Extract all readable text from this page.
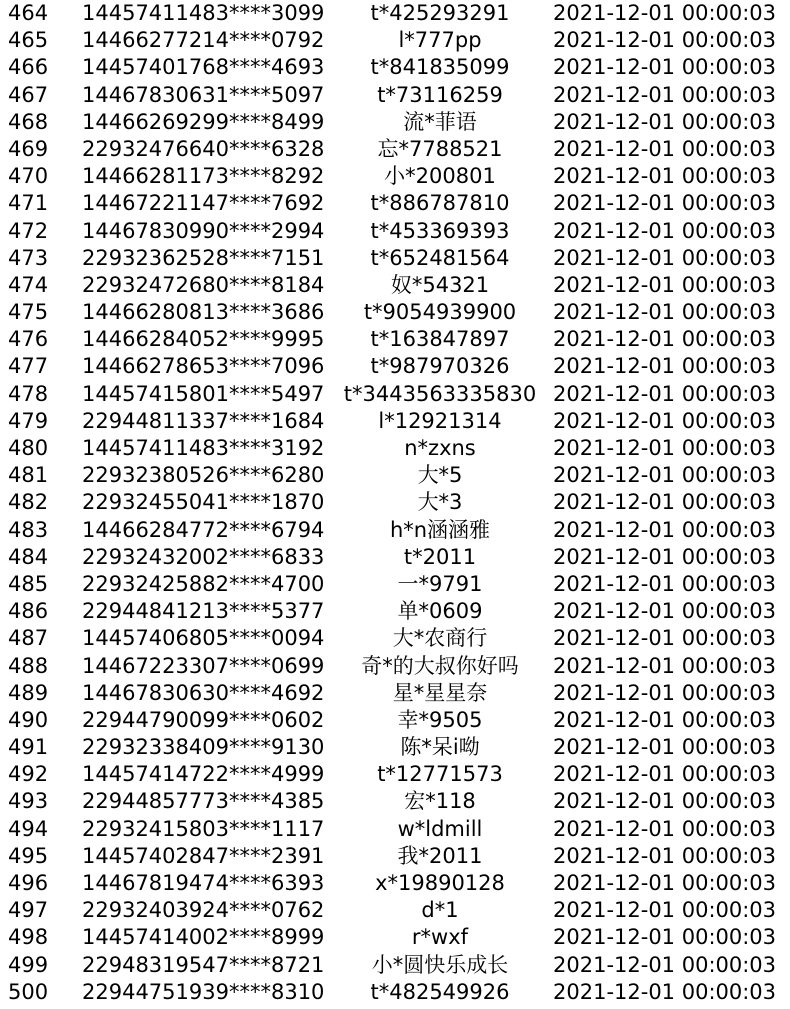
464	14457411483****3099	t*425293291	2021-12-01 00:00:03
465	14466277214****0792	l*777pp	2021-12-01 00:00:03
466	14457401768****4693	t*841835099	2021-12-01 00:00:03
467	14467830631****5097	t*73116259	2021-12-01 00:00:03
468	14466269299****8499	流*菲语	2021-12-01 00:00:03
469	22932476640****6328	忘*7788521	2021-12-01 00:00:03
470	14466281173****8292	小*200801	2021-12-01 00:00:03
471	14467221147****7692	t*886787810	2021-12-01 00:00:03
472	14467830990****2994	t*453369393	2021-12-01 00:00:03
473	22932362528****7151	t*652481564	2021-12-01 00:00:03
474	22932472680****8184	奴*54321	2021-12-01 00:00:03
475	14466280813****3686	t*9054939900	2021-12-01 00:00:03
476	14466284052****9995	t*163847897	2021-12-01 00:00:03
477	14466278653****7096	t*987970326	2021-12-01 00:00:03
478	14457415801****5497 t*3443563335830 2021-12-01 00:00:03
479	22944811337****1684	l*12921314	2021-12-01 00:00:03
480	14457411483****3192	n*zxns	2021-12-01 00:00:03
481	22932380526****6280	大*5	2021-12-01 00:00:03
482	22932455041****1870	大*3	2021-12-01 00:00:03
483	14466284772****6794	h*n涵涵雅	2021-12-01 00:00:03
484	22932432002****6833	t*2011	2021-12-01 00:00:03
485	22932425882****4700	一*9791	2021-12-01 00:00:03
486	22944841213****5377	单*0609	2021-12-01 00:00:03
487	14457406805****0094	大*农商行	2021-12-01 00:00:03
488	14467223307****0699	奇*的大叔你好吗	2021-12-01 00:00:03
489	14467830630****4692	星*星星奈	2021-12-01 00:00:03
490	22944790099****0602	幸*9505	2021-12-01 00:00:03
491	22932338409****9130	陈*呆i呦	2021-12-01 00:00:03
492	14457414722****4999	t*12771573	2021-12-01 00:00:03
493	22944857773****4385	宏*118	2021-12-01 00:00:03
494	22932415803****1117	w*ldmill	2021-12-01 00:00:03
495	14457402847****2391	我*2011	2021-12-01 00:00:03
496	14467819474****6393	x*19890128	2021-12-01 00:00:03
497	22932403924****0762	d*1	2021-12-01 00:00:03
498	14457414002****8999	r*wxf	2021-12-01 00:00:03
499	22948319547****8721	小*圆快乐成长	2021-12-01 00:00:03
500	22944751939****8310	t*482549926	2021-12-01 00:00:03
